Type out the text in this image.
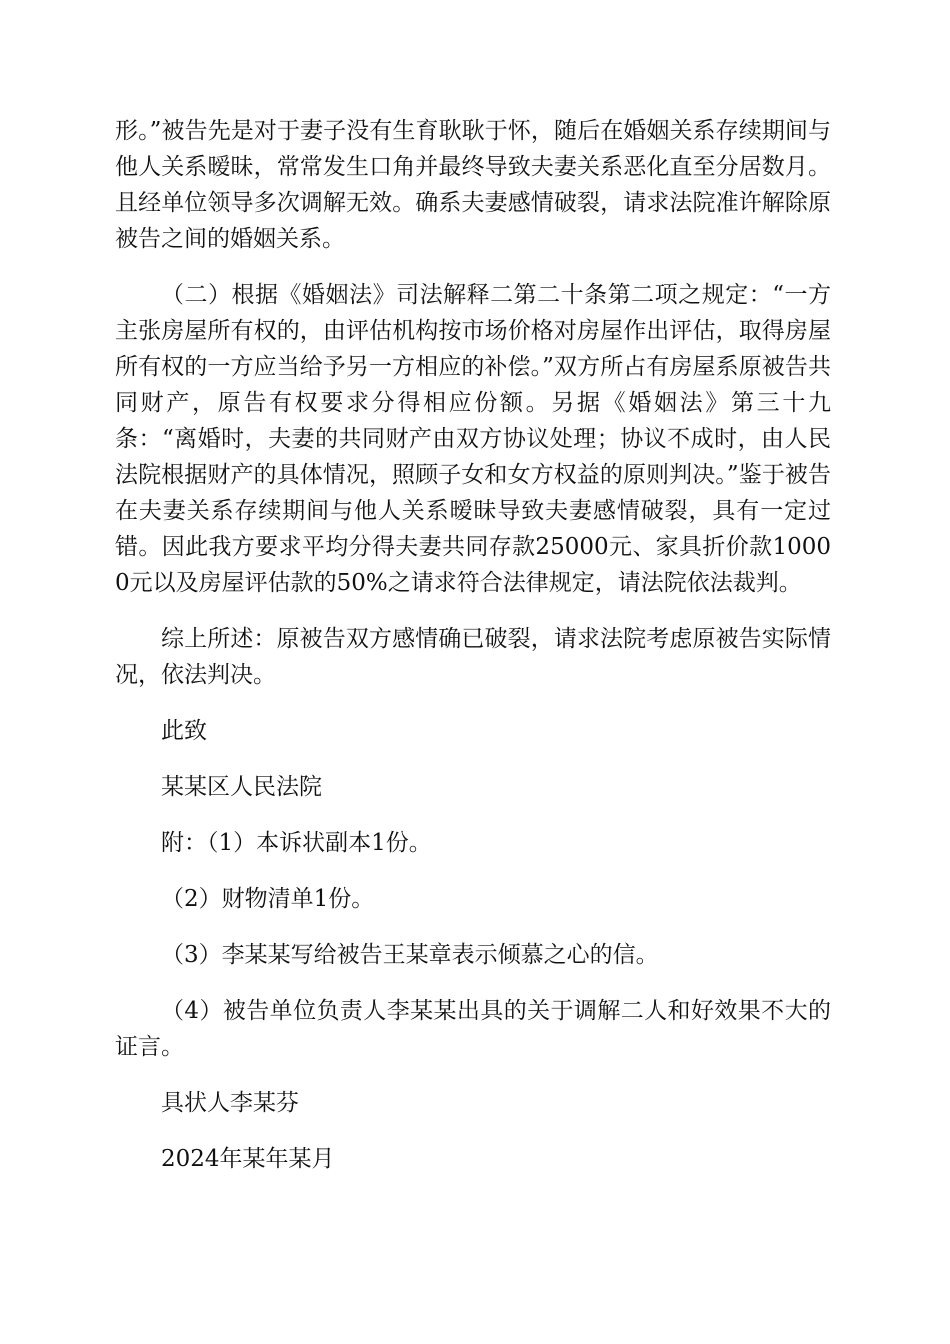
形。”被告先是对于妻子没有生育耿耿于怀，随后在婚姻关系存续期间与他人关系暧昧，常常发生口角并最终导致夫妻关系恶化直至分居数月。且经单位领导多次调解无效。确系夫妻感情破裂，请求法院准许解除原被告之间的婚姻关系。

（二）根据《婚姻法》司法解释二第二十条第二项之规定：“一方主张房屋所有权的，由评估机构按市场价格对房屋作出评估，取得房屋所有权的一方应当给予另一方相应的补偿。”双方所占有房屋系原被告共同财产，原告有权要求分得相应份额。另据《婚姻法》第三十九条：“离婚时，夫妻的共同财产由双方协议处理；协议不成时，由人民法院根据财产的具体情况，照顾子女和女方权益的原则判决。”鉴于被告在夫妻关系存续期间与他人关系暧昧导致夫妻感情破裂，具有一定过错。因此我方要求平均分得夫妻共同存款25000元、家具折价款10000元以及房屋评估款的50%之请求符合法律规定，请法院依法裁判。

综上所述：原被告双方感情确已破裂，请求法院考虑原被告实际情况，依法判决。

此致

某某区人民法院

附：（1）本诉状副本1份。

（2）财物清单1份。

（3）李某某写给被告王某章表示倾慕之心的信。

（4）被告单位负责人李某某出具的关于调解二人和好效果不大的证言。

具状人李某芬

2024年某年某月
